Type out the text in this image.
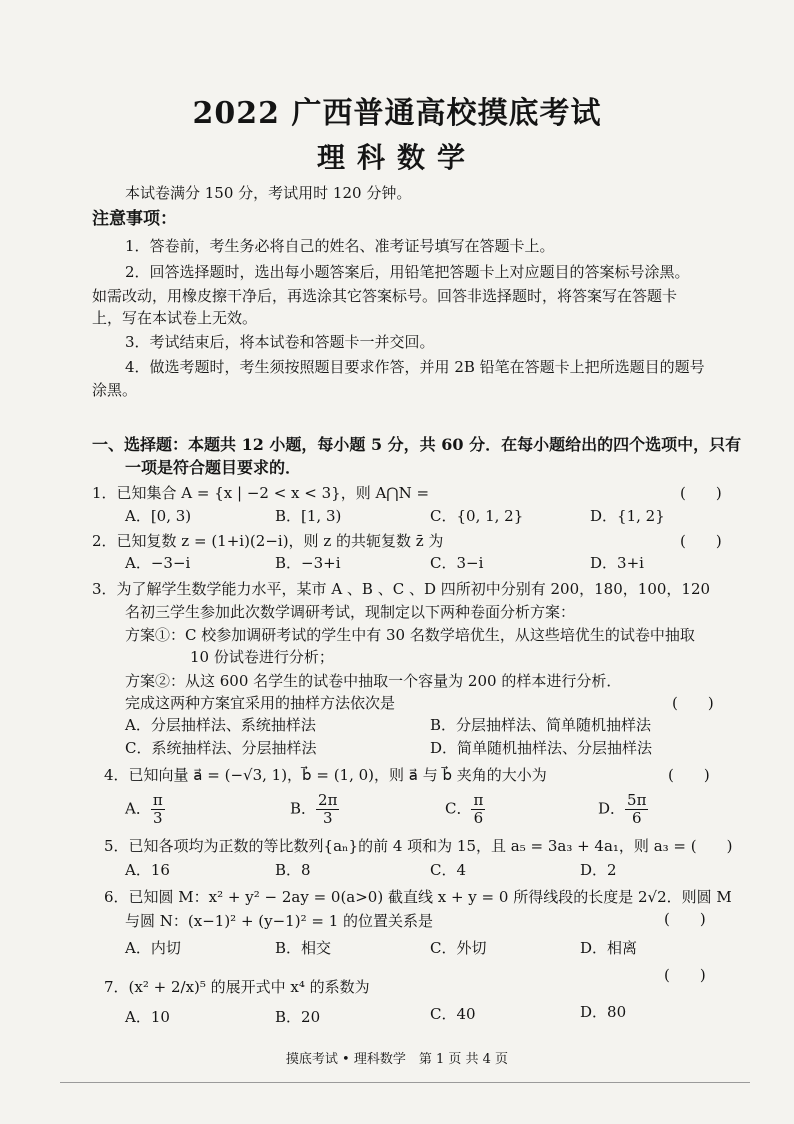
2022 广西普通高校摸底考试
理科数学
本试卷满分 150 分，考试用时 120 分钟。
注意事项：
1．答卷前，考生务必将自己的姓名、准考证号填写在答题卡上。
2．回答选择题时，选出每小题答案后，用铅笔把答题卡上对应题目的答案标号涂黑。
如需改动，用橡皮擦干净后，再选涂其它答案标号。回答非选择题时，将答案写在答题卡
上，写在本试卷上无效。
3．考试结束后，将本试卷和答题卡一并交回。
4．做选考题时，考生须按照题目要求作答，并用 2B 铅笔在答题卡上把所选题目的题号
涂黑。
一、选择题：本题共 12 小题，每小题 5 分，共 60 分．在每小题给出的四个选项中，只有
一项是符合题目要求的．
1．已知集合 A = {x | −2 < x < 3}，则 A⋂N =	(　　)
A．[0, 3)	B．[1, 3)	C．{0, 1, 2}	D．{1, 2}
2．已知复数 z = (1+i)(2−i)，则 z 的共轭复数 z̄ 为	(　　)
A．−3−i	B．−3+i	C．3−i	D．3+i
3．为了解学生数学能力水平，某市 A 、B 、C 、D 四所初中分别有 200，180，100，120
名初三学生参加此次数学调研考试，现制定以下两种卷面分析方案：
方案①：C 校参加调研考试的学生中有 30 名数学培优生，从这些培优生的试卷中抽取
10 份试卷进行分析；
方案②：从这 600 名学生的试卷中抽取一个容量为 200 的样本进行分析．
完成这两种方案宜采用的抽样方法依次是	(　　)
A．分层抽样法、系统抽样法	B．分层抽样法、简单随机抽样法
C．系统抽样法、分层抽样法	D．简单随机抽样法、分层抽样法
4．已知向量 a⃗ = (−√3, 1)，b⃗ = (1, 0)，则 a⃗ 与 b⃗ 夹角的大小为	(　　)
A． $\frac{\pi}{3}$	B． $\frac{2\pi}{3}$	C． $\frac{\pi}{6}$	D． $\frac{5\pi}{6}$
5．已知各项均为正数的等比数列{aₙ}的前 4 项和为 15，且 a₅ = 3a₃ + 4a₁，则 a₃ = (　　)
A．16	B．8	C．4	D．2
6．已知圆 M：x² + y² − 2ay = 0(a>0) 截直线 x + y = 0 所得线段的长度是 2√2．则圆 M
与圆 N：(x−1)² + (y−1)² = 1 的位置关系是	(　　)
A．内切	B．相交	C．外切	D．相离
7．(x² + 2/x)⁵ 的展开式中 x⁴ 的系数为
(　　)
A．10	B．20	C．40	D．80
摸底考试 • 理科数学　第 1 页 共 4 页
